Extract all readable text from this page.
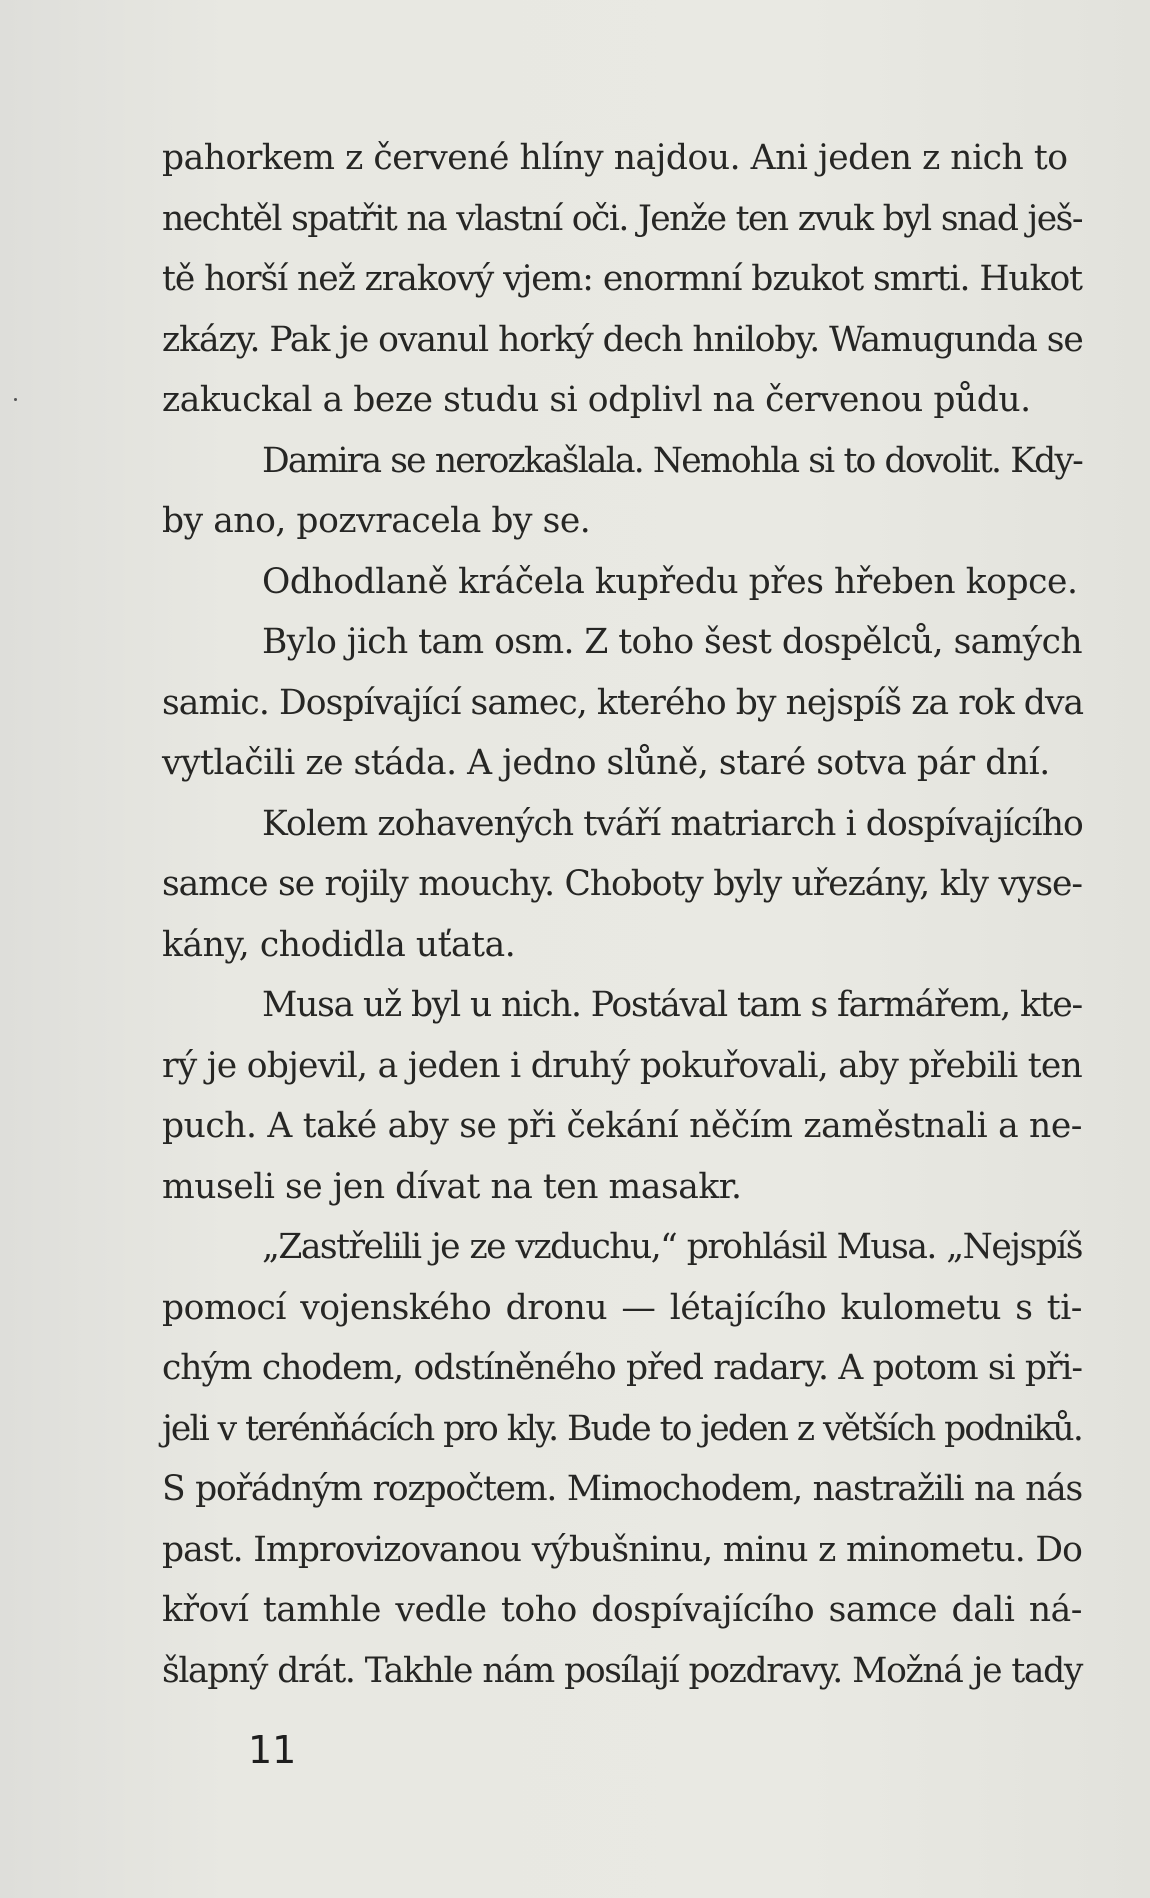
pahorkem z červené hlíny najdou. Ani jeden z nich to
nechtěl spatřit na vlastní oči. Jenže ten zvuk byl snad ješ-
tě horší než zrakový vjem: enormní bzukot smrti. Hukot
zkázy. Pak je ovanul horký dech hniloby. Wamugunda se
zakuckal a beze studu si odplivl na červenou půdu.
Damira se nerozkašlala. Nemohla si to dovolit. Kdy-
by ano, pozvracela by se.
Odhodlaně kráčela kupředu přes hřeben kopce.
Bylo jich tam osm. Z toho šest dospělců, samých
samic. Dospívající samec, kterého by nejspíš za rok dva
vytlačili ze stáda. A jedno slůně, staré sotva pár dní.
Kolem zohavených tváří matriarch i dospívajícího
samce se rojily mouchy. Choboty byly uřezány, kly vyse-
kány, chodidla uťata.
Musa už byl u nich. Postával tam s farmářem, kte-
rý je objevil, a jeden i druhý pokuřovali, aby přebili ten
puch. A také aby se při čekání něčím zaměstnali a ne-
museli se jen dívat na ten masakr.
„Zastřelili je ze vzduchu,“ prohlásil Musa. „Nejspíš
pomocí vojenského dronu — létajícího kulometu s ti-
chým chodem, odstíněného před radary. A potom si při-
jeli v terénňácích pro kly. Bude to jeden z větších podniků.
S pořádným rozpočtem. Mimochodem, nastražili na nás
past. Improvizovanou výbušninu, minu z minometu. Do
křoví tamhle vedle toho dospívajícího samce dali ná-
šlapný drát. Takhle nám posílají pozdravy. Možná je tady
11
